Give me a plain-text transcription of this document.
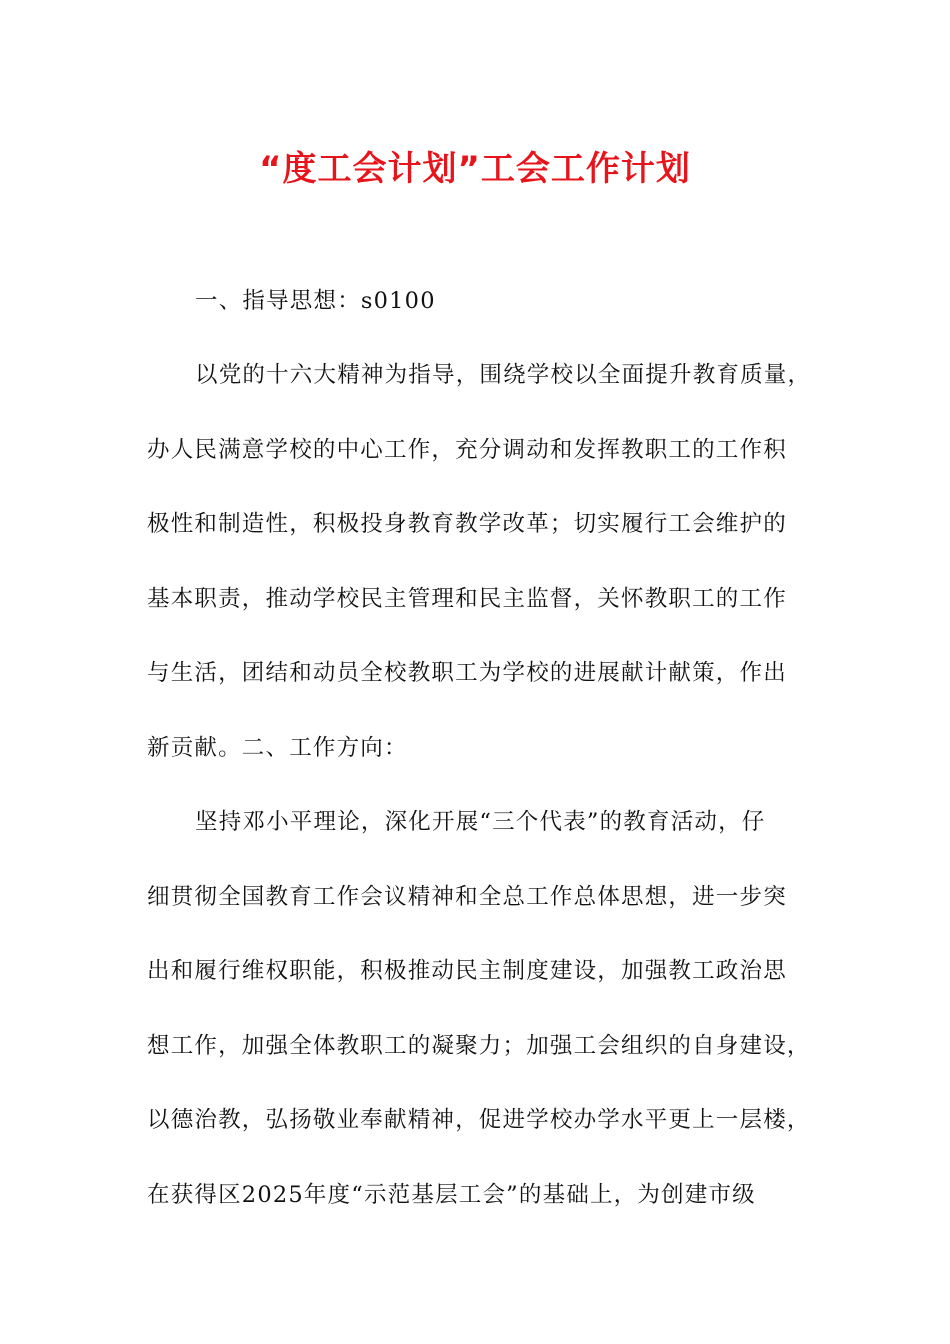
“度工会计划”工会工作计划

一、指导思想：s0100

以党的十六大精神为指导，围绕学校以全面提升教育质量，

办人民满意学校的中心工作，充分调动和发挥教职工的工作积

极性和制造性，积极投身教育教学改革；切实履行工会维护的

基本职责，推动学校民主管理和民主监督，关怀教职工的工作

与生活，团结和动员全校教职工为学校的进展献计献策，作出

新贡献。二、工作方向：

坚持邓小平理论，深化开展“三个代表”的教育活动，仔

细贯彻全国教育工作会议精神和全总工作总体思想，进一步突

出和履行维权职能，积极推动民主制度建设，加强教工政治思

想工作，加强全体教职工的凝聚力；加强工会组织的自身建设，

以德治教，弘扬敬业奉献精神，促进学校办学水平更上一层楼，

在获得区2025年度“示范基层工会”的基础上，为创建市级
